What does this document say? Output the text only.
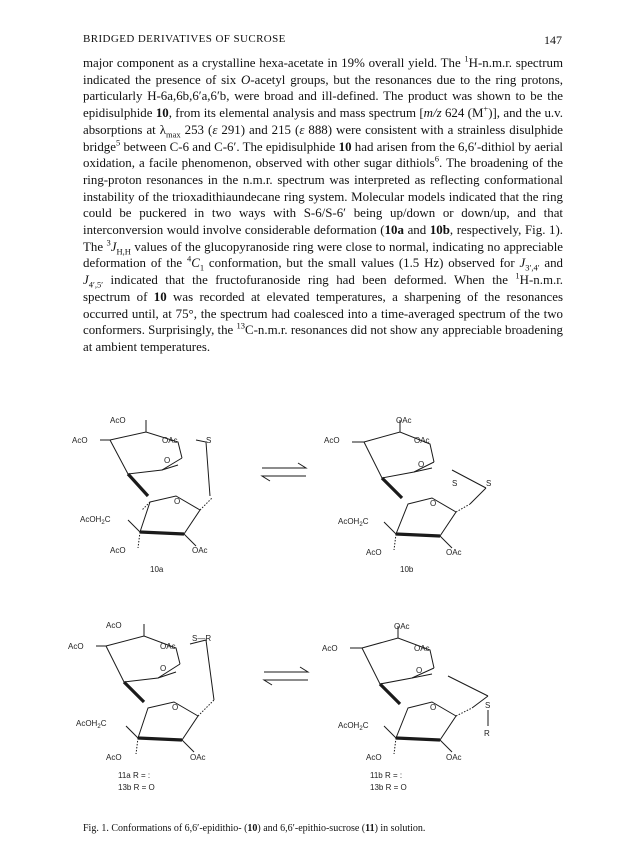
BRIDGED DERIVATIVES OF SUCROSE	147

major component as a crystalline hexa-acetate in 19% overall yield. The $^1$H-n.m.r. spectrum indicated the presence of six O-acetyl groups, but the resonances due to the ring protons, particularly H-6a,6b,6′a,6′b, were broad and ill-defined. The product was shown to be the epidisulphide 10, from its elemental analysis and mass spectrum [m/z 624 (M+)], and the u.v. absorptions at $\lambda_{max}$ 253 (ε 291) and 215 (ε 888) were consistent with a strainless disulphide bridge$^5$ between C-6 and C-6′. The epidisulphide 10 had arisen from the 6,6′-dithiol by aerial oxidation, a facile phenomenon, observed with other sugar dithiols$^6$. The broadening of the ring-proton resonances in the n.m.r. spectrum was interpreted as reflecting conformational instability of the trioxadithiaundecane ring system. Molecular models indicated that the ring could be puckered in two ways with S-6/S-6′ being up/down or down/up, and that interconversion would involve considerable deformation (10a and 10b, respectively, Fig. 1). The $^3J_{H,H}$ values of the glucopyranoside ring were close to normal, indicating no appreciable deformation of the $^4C_1$ conformation, but the small values (1.5 Hz) observed for $J_{3',4'}$ and $J_{4',5'}$ indicated that the fructofuranoside ring had been deformed. When the $^1$H-n.m.r. spectrum of 10 was recorded at elevated temperatures, a sharpening of the resonances occurred until, at 75°, the spectrum had coalesced into a time-averaged spectrum of the two conformers. Surprisingly, the $^{13}$C-n.m.r. resonances did not show any appreciable broadening at ambient temperatures.

AcO
AcO	OAc	S
O
O
AcOH$_2$C
AcO	OAc
10a
OAc
AcO	OAc
O
O
S	S
AcOH$_2$C
AcO	OAc
10b
AcO
AcO	OAc
S—R
O
O
AcOH$_2$C
AcO	OAc
11a R = :
13b R = O
OAc
AcO	OAc
O
O	S
R
AcOH$_2$C
AcO	OAc
11b R = :
13b R = O
Fig. 1. Conformations of 6,6′-epidithio- (10) and 6,6′-epithio-sucrose (11) in solution.
